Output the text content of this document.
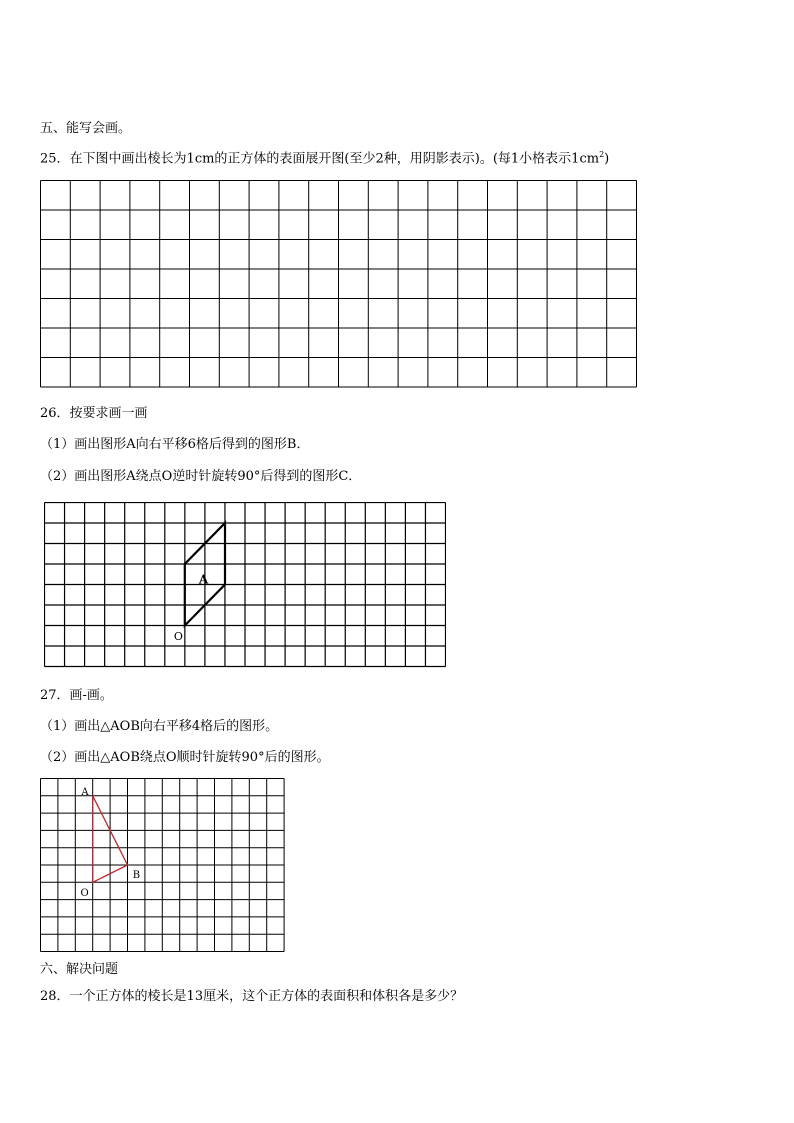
五、能写会画。
25．在下图中画出棱长为1cm的正方体的表面展开图(至少2种，用阴影表示)。(每1小格表示$1cm^2$)
26．按要求画一画
（1）画出图形A向右平移6格后得到的图形B．
（2）画出图形A绕点O逆时针旋转90°后得到的图形C．
A
O
27．画-画。
（1）画出△AOB向右平移4格后的图形。
（2）画出△AOB绕点O顺时针旋转90°后的图形。
A
B
O
六、解决问题
28．一个正方体的棱长是13厘米，这个正方体的表面积和体积各是多少？
